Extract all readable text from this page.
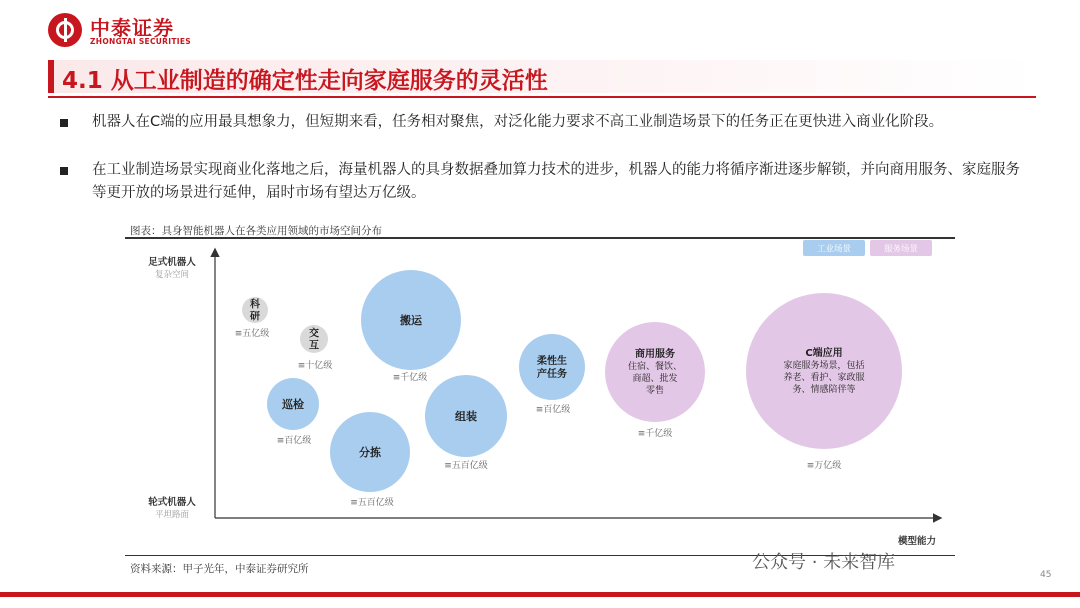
中泰证券
ZHONGTAI SECURITIES
4.1 从工业制造的确定性走向家庭服务的灵活性
机器人在C端的应用最具想象力，但短期来看，任务相对聚焦，对泛化能力要求不高工业制造场景下的任务正在更快进入商业化阶段。
在工业制造场景实现商业化落地之后，海量机器人的具身数据叠加算力技术的进步，机器人的能力将循序渐进逐步解锁，并向商用服务、家庭服务等更开放的场景进行延伸，届时市场有望达万亿级。
图表：具身智能机器人在各类应用领域的市场空间分布
足式机器人
复杂空间
轮式机器人
平坦路面
模型能力
工业场景	服务场景
科
研
≡五亿级	交
互
≡十亿级
搬运
≡千亿级
巡检
≡百亿级
分拣
≡五百亿级
组装
≡五百亿级
柔性生
产任务
≡百亿级
商用服务
住宿、餐饮、
商超、批发
零售
≡千亿级
C端应用
家庭服务场景，包括
养老、看护、家政服
务、情感陪伴等
≡万亿级
资料来源：甲子光年，中泰证券研究所	公众号 · 未来智库
45
